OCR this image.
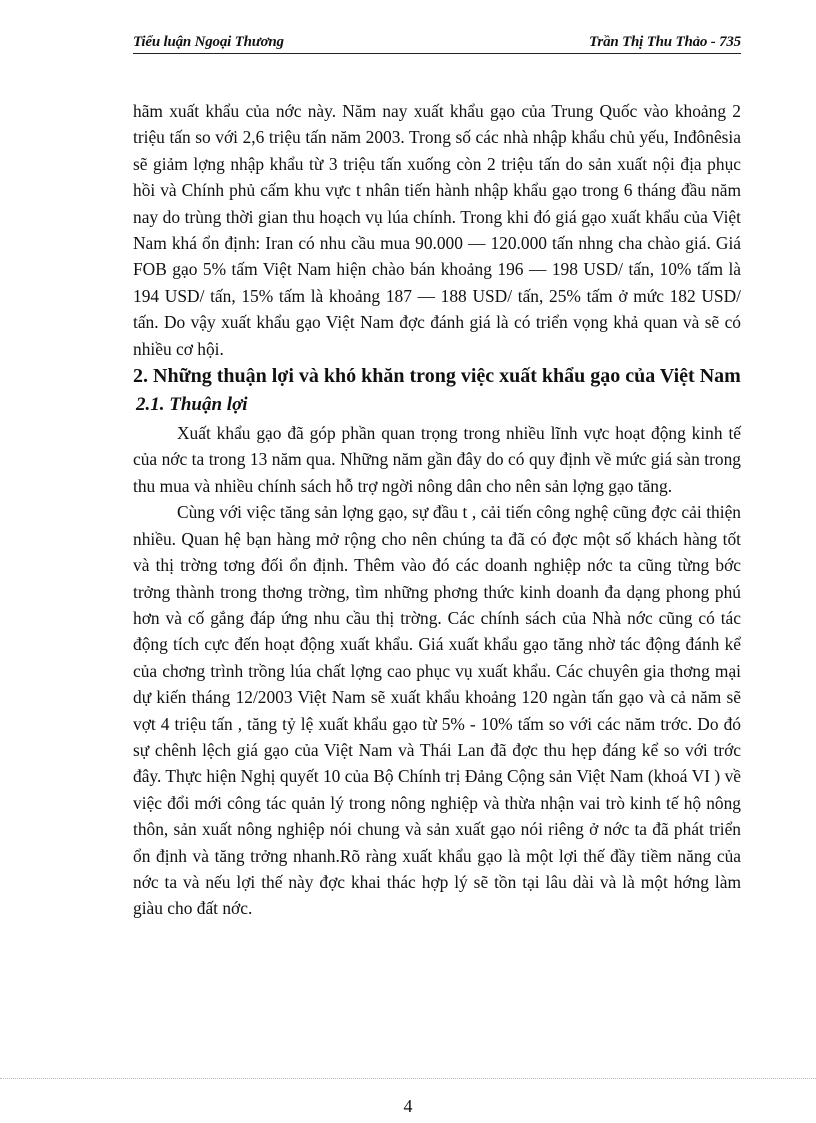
Tiểu luận Ngoại Thương	Trần Thị Thu Thảo - 735

hãm xuất khẩu của nớc này. Năm nay xuất khẩu gạo của Trung Quốc vào khoảng 2 triệu tấn so với 2,6 triệu tấn năm 2003. Trong số các nhà nhập khẩu chủ yếu, Inđônêsia sẽ giảm lợng nhập khẩu từ 3 triệu tấn xuống còn 2 triệu tấn do sản xuất nội địa phục hồi và Chính phủ cấm khu vực t nhân tiến hành nhập khẩu gạo trong 6 tháng đầu năm nay do trùng thời gian thu hoạch vụ lúa chính. Trong khi đó giá gạo xuất khẩu của Việt Nam khá ổn định: Iran có nhu cầu mua 90.000 — 120.000 tấn nhng cha chào giá. Giá FOB gạo 5% tấm Việt Nam hiện chào bán khoảng 196 — 198 USD/ tấn, 10% tấm là 194 USD/ tấn, 15% tấm là khoảng 187 — 188 USD/ tấn, 25% tấm ở mức 182 USD/ tấn. Do vậy xuất khẩu gạo Việt Nam đợc đánh giá là có triển vọng khả quan và sẽ có nhiều cơ hội.

2. Những thuận lợi và khó khăn trong việc xuất khẩu gạo của Việt Nam
2.1. Thuận lợi

Xuất khẩu gạo đã góp phần quan trọng trong nhiều lĩnh vực hoạt động kinh tế của nớc ta trong 13 năm qua. Những năm gần đây do có quy định về mức giá sàn trong thu mua và nhiều chính sách hỗ trợ ngời nông dân cho nên sản lợng gạo tăng.

Cùng với việc tăng sản lợng gạo, sự đầu t , cải tiến công nghệ cũng đợc cải thiện nhiều. Quan hệ bạn hàng mở rộng cho nên chúng ta đã có đợc một số khách hàng tốt và thị trờng tơng đối ổn định. Thêm vào đó các doanh nghiệp nớc ta cũng từng bớc trởng thành trong thơng trờng, tìm những phơng thức kinh doanh đa dạng phong phú hơn và cố gắng đáp ứng nhu cầu thị trờng. Các chính sách của Nhà nớc cũng có tác động tích cực đến hoạt động xuất khẩu. Giá xuất khẩu gạo tăng nhờ tác động đánh kể của chơng trình trồng lúa chất lợng cao phục vụ xuất khẩu. Các chuyên gia thơng mại dự kiến tháng 12/2003 Việt Nam sẽ xuất khẩu khoảng 120 ngàn tấn gạo và cả năm sẽ vợt 4 triệu tấn , tăng tỷ lệ xuất khẩu gạo từ 5% - 10% tấm so với các năm trớc. Do đó sự chênh lệch giá gạo của Việt Nam và Thái Lan đã đợc thu hẹp đáng kể so với trớc đây. Thực hiện Nghị quyết 10 của Bộ Chính trị Đảng Cộng sản Việt Nam (khoá VI ) về việc đổi mới công tác quản lý trong nông nghiệp và thừa nhận vai trò kinh tế hộ nông thôn, sản xuất nông nghiệp nói chung và sản xuất gạo nói riêng ở nớc ta đã phát triển ổn định và tăng trởng nhanh.Rõ ràng xuất khẩu gạo là một lợi thế đầy tiềm năng của nớc ta và nếu lợi thế này đợc khai thác hợp lý sẽ tồn tại lâu dài và là một hớng làm giàu cho đất nớc.

4
